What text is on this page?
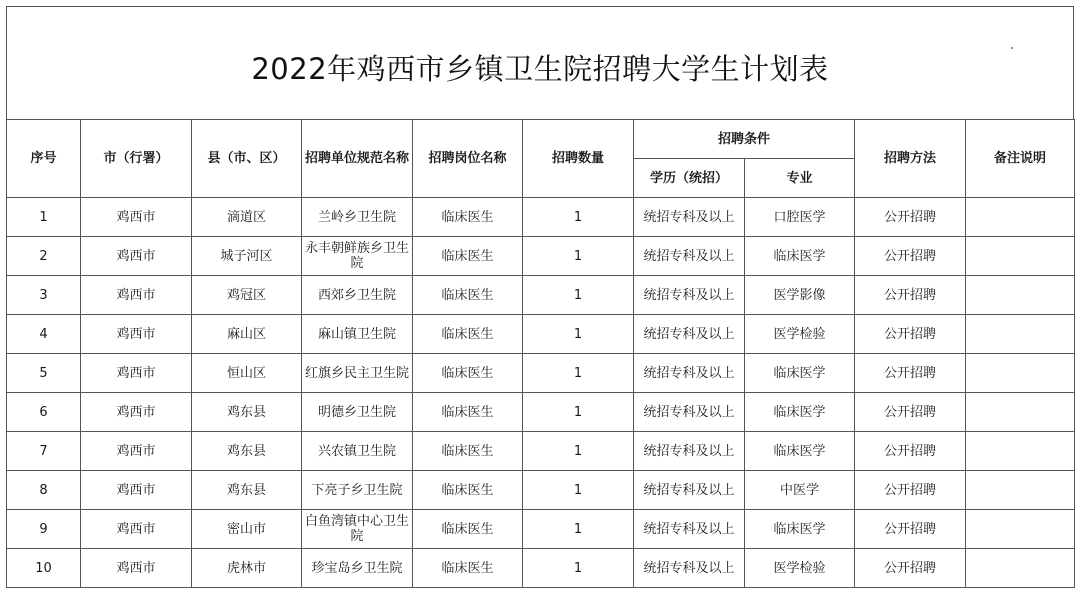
2022年鸡西市乡镇卫生院招聘大学生计划表
序号	市（行署）	县（市、区）	招聘单位规范名称	招聘岗位名称	招聘数量	招聘条件		招聘方法	备注说明
						学历（统招）	专业		
1	鸡西市	滴道区	兰岭乡卫生院	临床医生	1	统招专科及以上	口腔医学	公开招聘	
2	鸡西市	城子河区	永丰朝鲜族乡卫生院	临床医生	1	统招专科及以上	临床医学	公开招聘	
3	鸡西市	鸡冠区	西郊乡卫生院	临床医生	1	统招专科及以上	医学影像	公开招聘	
4	鸡西市	麻山区	麻山镇卫生院	临床医生	1	统招专科及以上	医学检验	公开招聘	
5	鸡西市	恒山区	红旗乡民主卫生院	临床医生	1	统招专科及以上	临床医学	公开招聘	
6	鸡西市	鸡东县	明德乡卫生院	临床医生	1	统招专科及以上	临床医学	公开招聘	
7	鸡西市	鸡东县	兴农镇卫生院	临床医生	1	统招专科及以上	临床医学	公开招聘	
8	鸡西市	鸡东县	下亮子乡卫生院	临床医生	1	统招专科及以上	中医学	公开招聘	
9	鸡西市	密山市	白鱼湾镇中心卫生院	临床医生	1	统招专科及以上	临床医学	公开招聘	
10	鸡西市	虎林市	珍宝岛乡卫生院	临床医生	1	统招专科及以上	医学检验	公开招聘	
